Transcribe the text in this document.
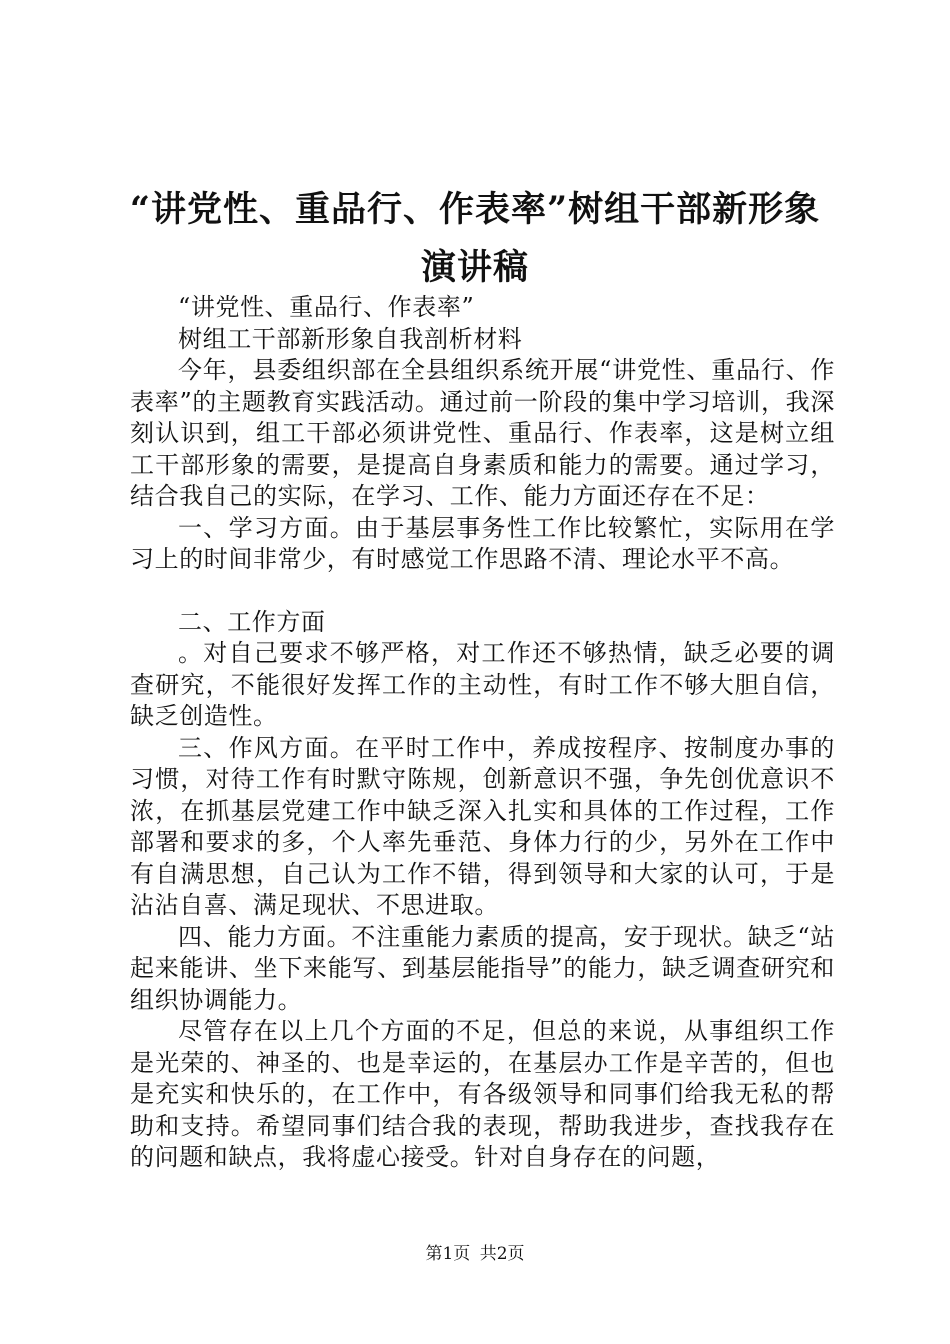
“讲党性、重品行、作表率”树组干部新形象
演讲稿

“讲党性、重品行、作表率”

树组工干部新形象自我剖析材料

今年，县委组织部在全县组织系统开展“讲党性、重品行、作表率”的主题教育实践活动。通过前一阶段的集中学习培训，我深刻认识到，组工干部必须讲党性、重品行、作表率，这是树立组工干部形象的需要，是提高自身素质和能力的需要。通过学习，结合我自己的实际，在学习、工作、能力方面还存在不足：

一、学习方面。由于基层事务性工作比较繁忙，实际用在学习上的时间非常少，有时感觉工作思路不清、理论水平不高。

二、工作方面

。对自己要求不够严格，对工作还不够热情，缺乏必要的调查研究，不能很好发挥工作的主动性，有时工作不够大胆自信，缺乏创造性。

三、作风方面。在平时工作中，养成按程序、按制度办事的习惯，对待工作有时默守陈规，创新意识不强，争先创优意识不浓，在抓基层党建工作中缺乏深入扎实和具体的工作过程，工作部署和要求的多，个人率先垂范、身体力行的少，另外在工作中有自满思想，自己认为工作不错，得到领导和大家的认可，于是沾沾自喜、满足现状、不思进取。

四、能力方面。不注重能力素质的提高，安于现状。缺乏“站起来能讲、坐下来能写、到基层能指导”的能力，缺乏调查研究和组织协调能力。

尽管存在以上几个方面的不足，但总的来说，从事组织工作是光荣的、神圣的、也是幸运的，在基层办工作是辛苦的，但也是充实和快乐的，在工作中，有各级领导和同事们给我无私的帮助和支持。希望同事们结合我的表现，帮助我进步，查找我存在的问题和缺点，我将虚心接受。针对自身存在的问题，

第1页 共2页
